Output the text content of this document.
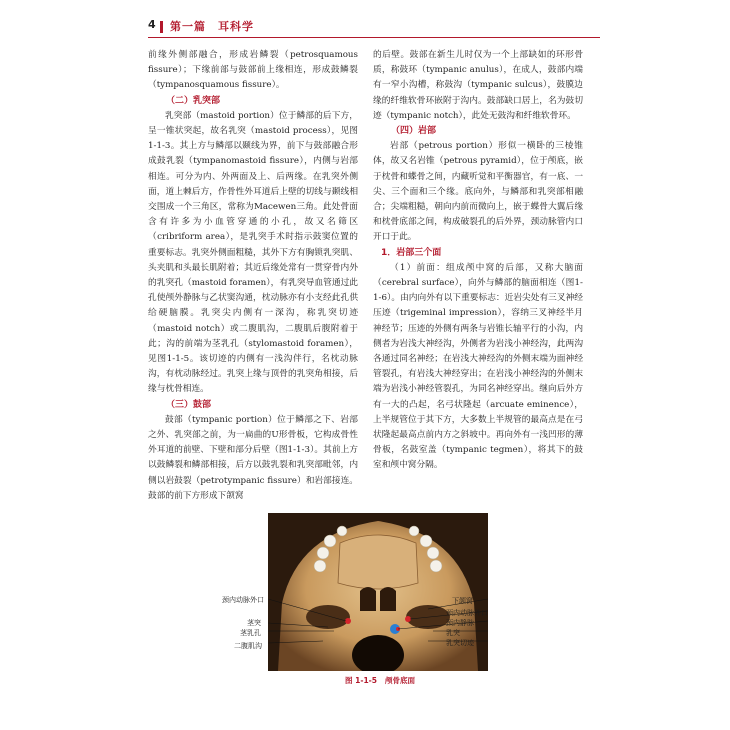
4 第一篇　耳科学

前缘外侧部融合，形成岩鳞裂（petrosquamous fissure）；下缘前部与鼓部前上缘相连，形成鼓鳞裂（tympanosquamous fissure）。

（二）乳突部

乳突部（mastoid portion）位于鳞部的后下方，呈一锥状突起，故名乳突（mastoid process），见图1-1-3。其上方与鳞部以颞线为界，前下与鼓部融合形成鼓乳裂（tympanomastoid fissure），内侧与岩部相连。可分为内、外两面及上、后两缘。在乳突外侧面，道上棘后方，作骨性外耳道后上壁的切线与颞线相交围成一个三角区，常称为Macewen三角。此处骨面含有许多为小血管穿通的小孔，故又名筛区（cribriform area），是乳突手术时指示鼓窦位置的重要标志。乳突外侧面粗糙，其外下方有胸锁乳突肌、头夹肌和头最长肌附着；其近后缘处常有一贯穿骨内外的乳突孔（mastoid foramen），有乳突导血管通过此孔使颅外静脉与乙状窦沟通，枕动脉亦有小支经此孔供给硬脑膜。乳突尖内侧有一深沟，称乳突切迹（mastoid notch）或二腹肌沟，二腹肌后腹附着于此；沟的前端为茎乳孔（stylomastoid foramen），见图1-1-5。该切迹的内侧有一浅沟伴行，名枕动脉沟，有枕动脉经过。乳突上缘与顶骨的乳突角相接，后缘与枕骨相连。

（三）鼓部

鼓部（tympanic portion）位于鳞部之下、岩部之外、乳突部之前，为一扁曲的U形骨板，它构成骨性外耳道的前壁、下壁和部分后壁（图1-1-3）。其前上方以鼓鳞裂和鳞部相接，后方以鼓乳裂和乳突部毗邻，内侧以岩鼓裂（petrotympanic fissure）和岩部接连。鼓部的前下方形成下颌窝

的后壁。鼓部在新生儿时仅为一个上部缺如的环形骨质，称鼓环（tympanic anulus），在成人，鼓部内端有一窄小沟槽，称鼓沟（tympanic sulcus），鼓膜边缘的纤维软骨环嵌附于沟内。鼓部缺口居上，名为鼓切迹（tympanic notch），此处无鼓沟和纤维软骨环。

（四）岩部

岩部（petrous portion）形似一横卧的三棱锥体，故又名岩锥（petrous pyramid），位于颅底，嵌于枕骨和蝶骨之间，内藏听觉和平衡器官，有一底、一尖、三个面和三个缘。底向外，与鳞部和乳突部相融合；尖端粗糙，朝向内前而微向上，嵌于蝶骨大翼后缘和枕骨底部之间，构成破裂孔的后外界，颈动脉管内口开口于此。

1．岩部三个面

（1）前面：组成颅中窝的后部，又称大脑面（cerebral surface），向外与鳞部的脑面相连（图1-1-6）。由内向外有以下重要标志：近岩尖处有三叉神经压迹（trigeminal impression），容纳三叉神经半月神经节；压迹的外侧有两条与岩锥长轴平行的小沟，内侧者为岩浅大神经沟，外侧者为岩浅小神经沟，此两沟各通过同名神经；在岩浅大神经沟的外侧末端为面神经管裂孔，有岩浅大神经穿出；在岩浅小神经沟的外侧末端为岩浅小神经管裂孔，为同名神经穿出。继向后外方有一大的凸起，名弓状隆起（arcuate eminence），上半规管位于其下方，大多数上半规管的最高点是在弓状隆起最高点前内方之斜坡中。再向外有一浅凹形的薄骨板，名鼓室盖（tympanic tegmen），将其下的鼓室和颅中窝分隔。

颈内动脉外口
茎突
茎乳孔
二腹肌沟
下颌窝
颈内动脉外口
颈内静脉
乳突
乳突切迹
图 1-1-5 颅骨底面
